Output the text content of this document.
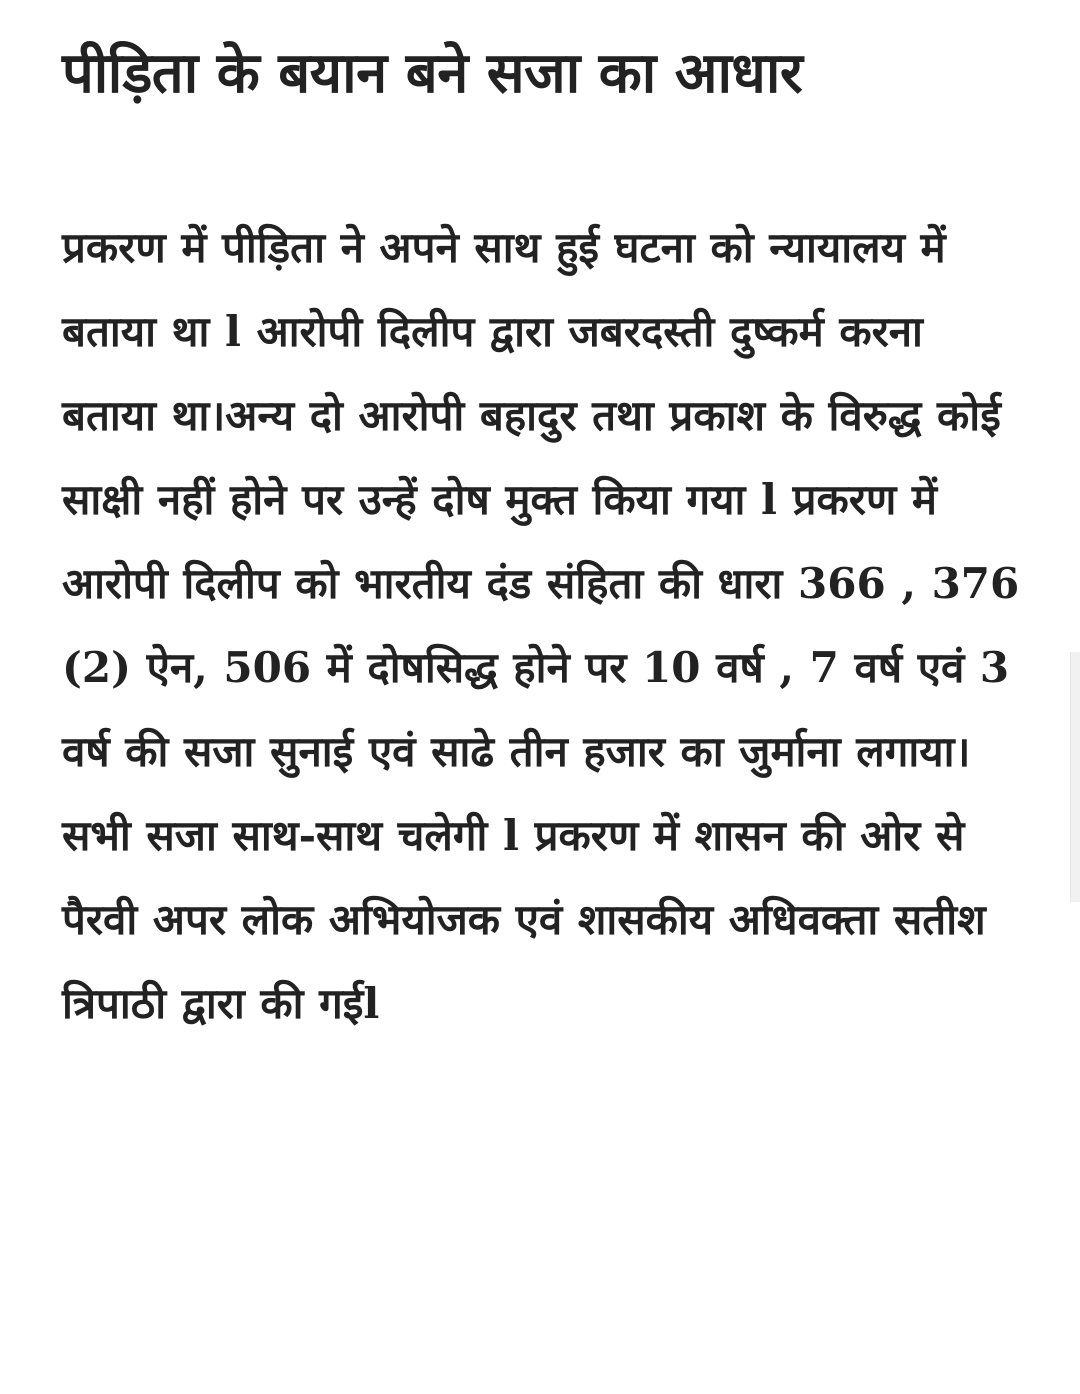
पीड़िता के बयान बने सजा का आधार

प्रकरण में पीड़िता ने अपने साथ हुई घटना को न्यायालय में बताया था l आरोपी दिलीप द्वारा जबरदस्ती दुष्कर्म करना बताया था।अन्य दो आरोपी बहादुर तथा प्रकाश के विरुद्ध कोई साक्षी नहीं होने पर उन्हें दोष मुक्त किया गया l प्रकरण में आरोपी दिलीप को भारतीय दंड संहिता की धारा 366 , 376 (2) ऐन, 506 में दोषसिद्ध होने पर 10 वर्ष , 7 वर्ष एवं 3 वर्ष की सजा सुनाई एवं साढे तीन हजार का जुर्माना लगाया।सभी सजा साथ-साथ चलेगी l प्रकरण में शासन की ओर से पैरवी अपर लोक अभियोजक एवं शासकीय अधिवक्ता सतीश त्रिपाठी द्वारा की गईl
